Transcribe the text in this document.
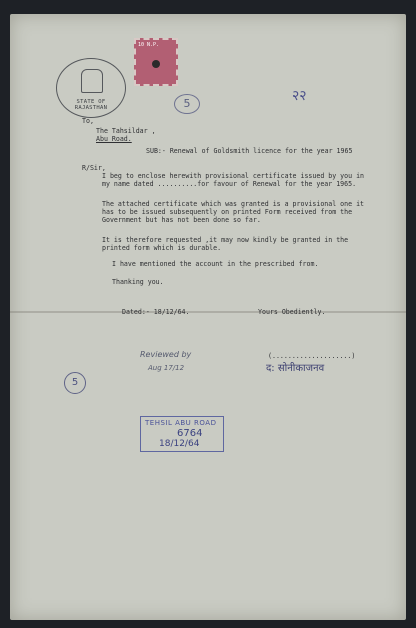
STATE OF RAJASTHAN
10 N.P.
5	२२
To,
The Tahsildar ,
Abu Road.
SUB:- Renewal of Goldsmith licence for the year 1965
R/Sir,
I beg to enclose herewith provisional certificate issued by you in my name dated ..........for favour of Renewal for the year 1965.
The attached certificate which was granted is a provisional one it has to be issued subsequently on printed Form received from the Government but has not been done so far.
It is therefore requested ,it may now kindly be granted in the printed form which is durable.
I have mentioned the account in the prescribed from.
Thanking you.
Dated:- 18/12/64.	Yours Obediently.
(....................)
द: सोनीकाजनव
Reviewed by
Aug 17/12
5
TEHSIL ABU ROAD
6764
18/12/64
